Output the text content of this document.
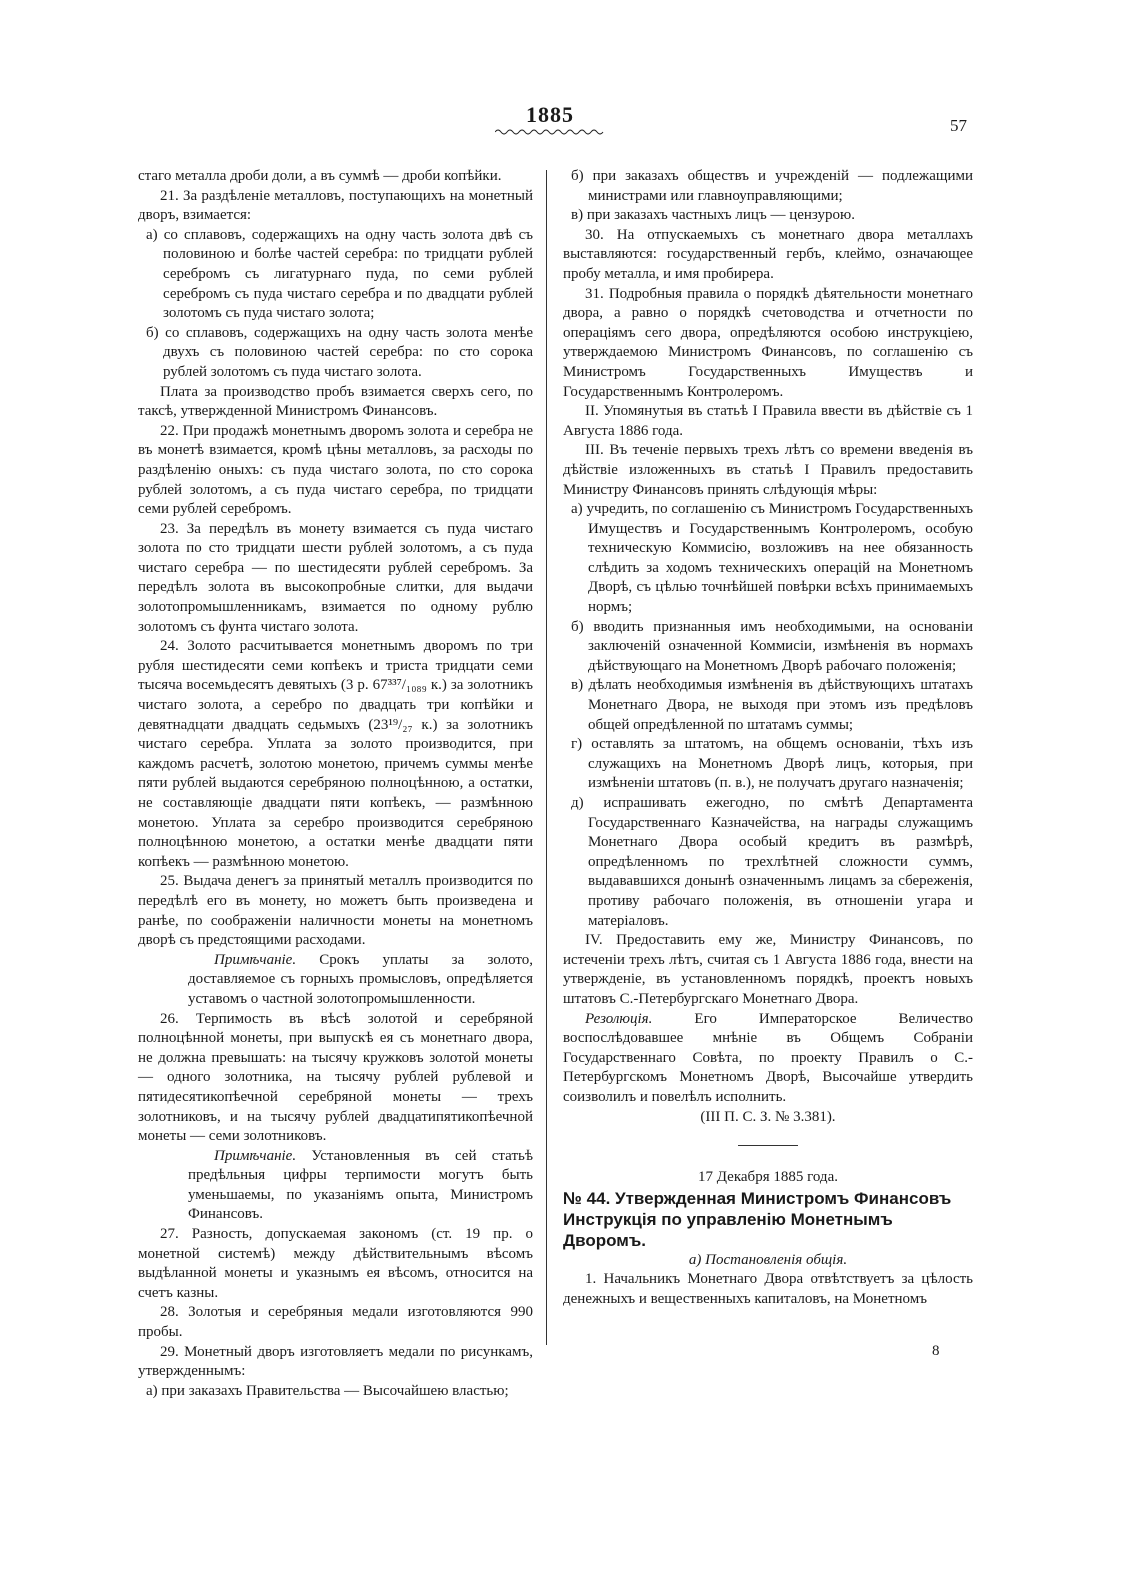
1885	57

стаго металла дроби доли, а въ суммѣ — дроби копѣйки.

21. За раздѣленіе металловъ, поступающихъ на монетный дворъ, взимается:

а) со сплавовъ, содержащихъ на одну часть золота двѣ съ половиною и болѣе частей серебра: по тридцати рублей серебромъ съ лигатурнаго пуда, по семи рублей серебромъ съ пуда чистаго серебра и по двадцати рублей золотомъ съ пуда чистаго золота;

б) со сплавовъ, содержащихъ на одну часть золота менѣе двухъ съ половиною частей серебра: по сто сорока рублей золотомъ съ пуда чистаго золота.

Плата за производство пробъ взимается сверхъ сего, по таксѣ, утвержденной Министромъ Финансовъ.

22. При продажѣ монетнымъ дворомъ золота и серебра не въ монетѣ взимается, кромѣ цѣны металловъ, за расходы по раздѣленію оныхъ: съ пуда чистаго золота, по сто сорока рублей золотомъ, а съ пуда чистаго серебра, по тридцати семи рублей серебромъ.

23. За передѣлъ въ монету взимается съ пуда чистаго золота по сто тридцати шести рублей золотомъ, а съ пуда чистаго серебра — по шестидесяти рублей серебромъ. За передѣлъ золота въ высокопробные слитки, для выдачи золотопромышленникамъ, взимается по одному рублю золотомъ съ фунта чистаго золота.

24. Золото расчитывается монетнымъ дворомъ по три рубля шестидесяти семи копѣекъ и триста тридцати семи тысяча восемьдесятъ девятыхъ (3 р. 67³³⁷/₁₀₈₉ к.) за золотникъ чистаго золота, а серебро по двадцать три копѣйки и девятнадцати двадцать седьмыхъ (23¹⁹/₂₇ к.) за золотникъ чистаго серебра. Уплата за золото производится, при каждомъ расчетѣ, золотою монетою, причемъ суммы менѣе пяти рублей выдаются серебряною полноцѣнною, а остатки, не составляющіе двадцати пяти копѣекъ, — размѣнною монетою. Уплата за серебро производится серебряною полноцѣнною монетою, а остатки менѣе двадцати пяти копѣекъ — размѣнною монетою.

25. Выдача денегъ за принятый металлъ производится по передѣлѣ его въ монету, но можетъ быть произведена и ранѣе, по соображеніи наличности монеты на монетномъ дворѣ съ предстоящими расходами.

Примѣчаніе. Срокъ уплаты за золото, доставляемое съ горныхъ промысловъ, опредѣляется уставомъ о частной золотопромышленности.

26. Терпимость въ вѣсѣ золотой и серебряной полноцѣнной монеты, при выпускѣ ея съ монетнаго двора, не должна превышать: на тысячу кружковъ золотой монеты — одного золотника, на тысячу рублей рублевой и пятидесятикопѣечной серебряной монеты — трехъ золотниковъ, и на тысячу рублей двадцатипятикопѣечной монеты — семи золотниковъ.

Примѣчаніе. Установленныя въ сей статьѣ предѣльныя цифры терпимости могутъ быть уменьшаемы, по указаніямъ опыта, Министромъ Финансовъ.

27. Разность, допускаемая закономъ (ст. 19 пр. о монетной системѣ) между дѣйствительнымъ вѣсомъ выдѣланной монеты и указнымъ ея вѣсомъ, относится на счетъ казны.

28. Золотыя и серебряныя медали изготовляются 990 пробы.

29. Монетный дворъ изготовляетъ медали по рисункамъ, утвержденнымъ:

а) при заказахъ Правительства — Высочайшею властью;

б) при заказахъ обществъ и учрежденій — подлежащими министрами или главноуправляющими;

в) при заказахъ частныхъ лицъ — цензурою.

30. На отпускаемыхъ съ монетнаго двора металлахъ выставляются: государственный гербъ, клеймо, означающее пробу металла, и имя пробирера.

31. Подробныя правила о порядкѣ дѣятельности монетнаго двора, а равно о порядкѣ счетоводства и отчетности по операціямъ сего двора, опредѣляются особою инструкціею, утверждаемою Министромъ Финансовъ, по соглашенію съ Министромъ Государственныхъ Имуществъ и Государственнымъ Контролеромъ.

II. Упомянутыя въ статьѣ I Правила ввести въ дѣйствіе съ 1 Августа 1886 года.

III. Въ теченіе первыхъ трехъ лѣтъ со времени введенія въ дѣйствіе изложенныхъ въ статьѣ I Правилъ предоставить Министру Финансовъ принять слѣдующія мѣры:

а) учредить, по соглашенію съ Министромъ Государственныхъ Имуществъ и Государственнымъ Контролеромъ, особую техническую Коммисію, возложивъ на нее обязанность слѣдить за ходомъ техническихъ операцій на Монетномъ Дворѣ, съ цѣлью точнѣйшей повѣрки всѣхъ принимаемыхъ нормъ;

б) вводить признанныя имъ необходимыми, на основаніи заключеній означенной Коммисіи, измѣненія въ нормахъ дѣйствующаго на Монетномъ Дворѣ рабочаго положенія;

в) дѣлать необходимыя измѣненія въ дѣйствующихъ штатахъ Монетнаго Двора, не выходя при этомъ изъ предѣловъ общей опредѣленной по штатамъ суммы;

г) оставлять за штатомъ, на общемъ основаніи, тѣхъ изъ служащихъ на Монетномъ Дворѣ лицъ, которыя, при измѣненіи штатовъ (п. в.), не получатъ другаго назначенія;

д) испрашивать ежегодно, по смѣтѣ Департамента Государственнаго Казначейства, на награды служащимъ Монетнаго Двора особый кредитъ въ размѣрѣ, опредѣленномъ по трехлѣтней сложности суммъ, выдававшихся донынѣ означеннымъ лицамъ за сбереженія, противу рабочаго положенія, въ отношеніи угара и матеріаловъ.

IV. Предоставить ему же, Министру Финансовъ, по истеченіи трехъ лѣтъ, считая съ 1 Августа 1886 года, внести на утвержденіе, въ установленномъ порядкѣ, проектъ новыхъ штатовъ С.-Петербургскаго Монетнаго Двора.

Резолюція. Его Императорское Величество воспослѣдовавшее мнѣніе въ Общемъ Собраніи Государственнаго Совѣта, по проекту Правилъ о С.-Петербургскомъ Монетномъ Дворѣ, Высочайше утвердить соизволилъ и повелѣлъ исполнить.

(III П. С. З. № 3.381).

17 Декабря 1885 года.

№ 44. Утвержденная Министромъ Финансовъ Инструкція по управленію Монетнымъ Дворомъ.

а) Постановленія общія.

1. Начальникъ Монетнаго Двора отвѣтствуетъ за цѣлость денежныхъ и вещественныхъ капиталовъ, на Монетномъ

8
